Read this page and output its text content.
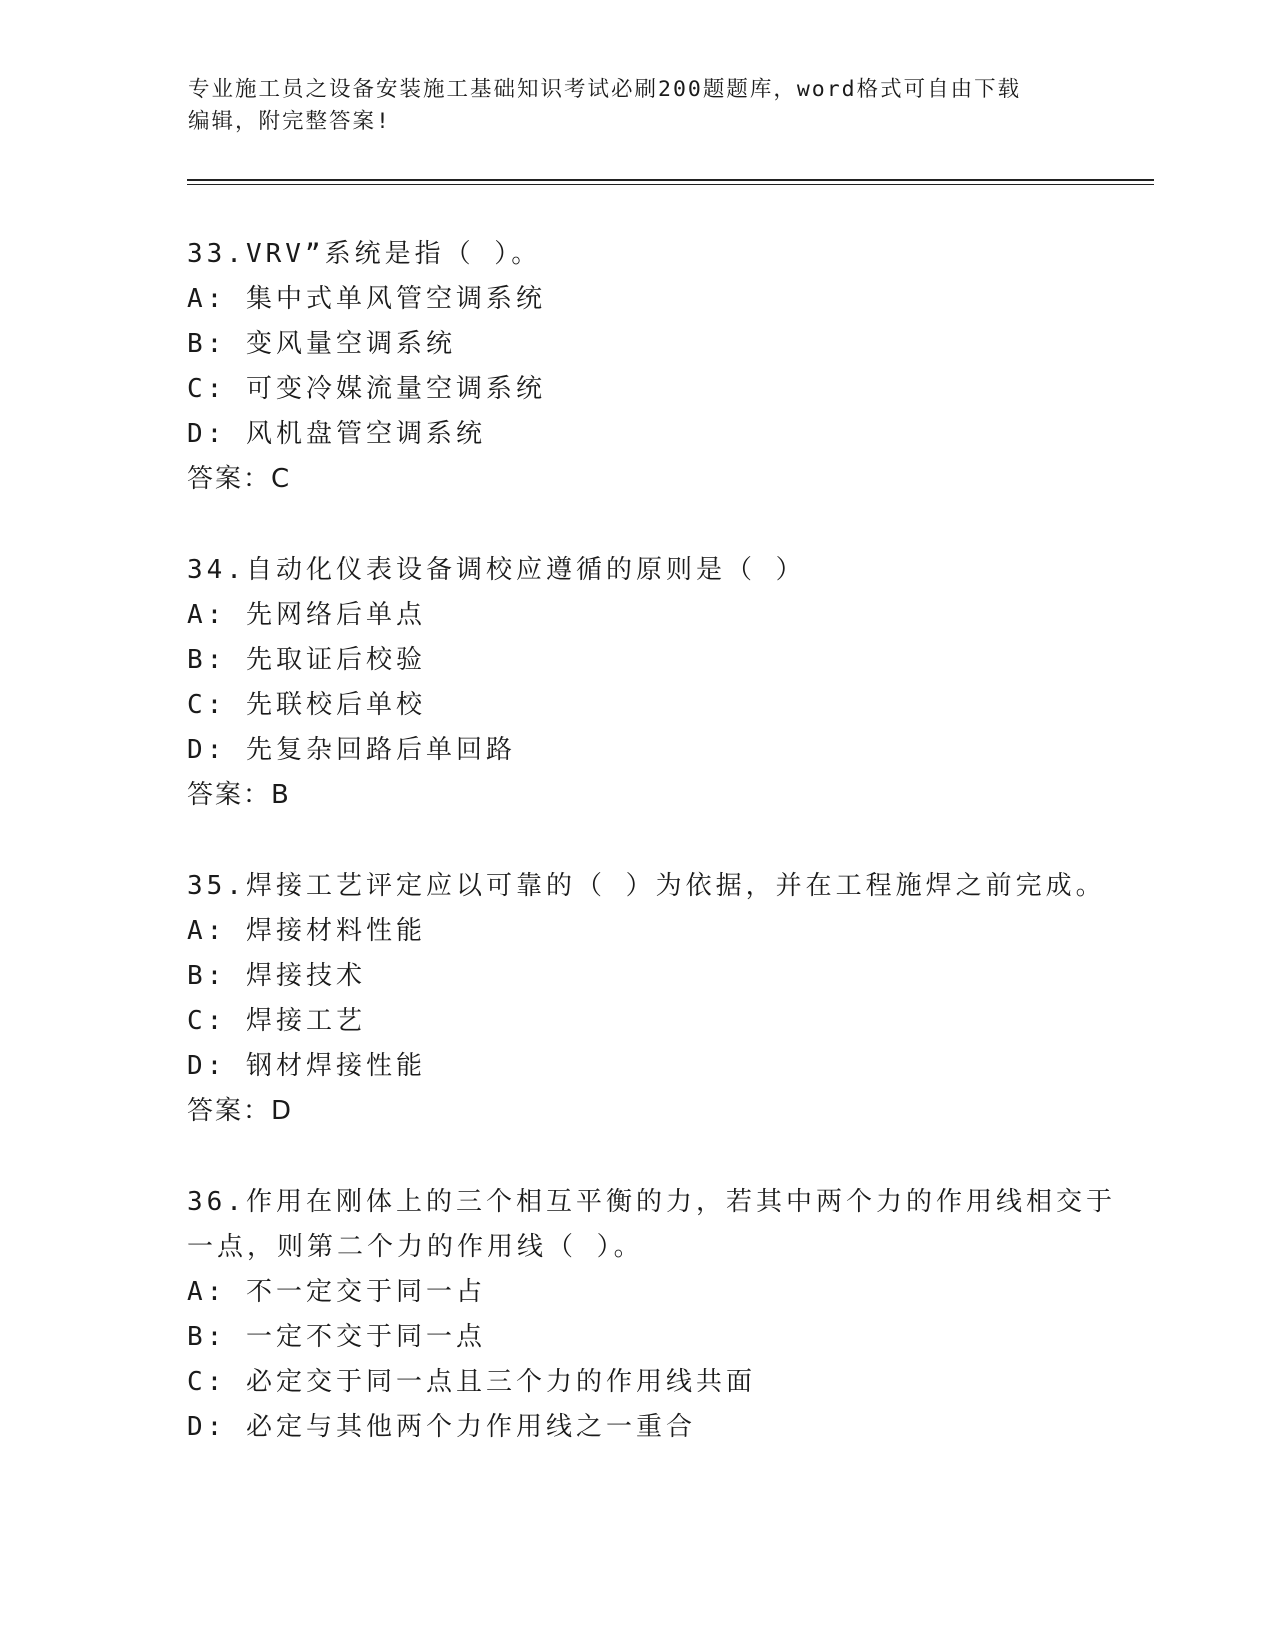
专业施工员之设备安装施工基础知识考试必刷200题题库，word格式可自由下载
编辑，附完整答案!
33.VRV”系统是指（ ）。
A: 集中式单风管空调系统
B: 变风量空调系统
C: 可变冷媒流量空调系统
D: 风机盘管空调系统
答案：C
34.自动化仪表设备调校应遵循的原则是（ ）
A: 先网络后单点
B: 先取证后校验
C: 先联校后单校
D: 先复杂回路后单回路
答案：B
35.焊接工艺评定应以可靠的（ ）为依据，并在工程施焊之前完成。
A: 焊接材料性能
B: 焊接技术
C: 焊接工艺
D: 钢材焊接性能
答案：D
36.作用在刚体上的三个相互平衡的力，若其中两个力的作用线相交于
一点，则第二个力的作用线（ ）。
A: 不一定交于同一占
B: 一定不交于同一点
C: 必定交于同一点且三个力的作用线共面
D: 必定与其他两个力作用线之一重合
